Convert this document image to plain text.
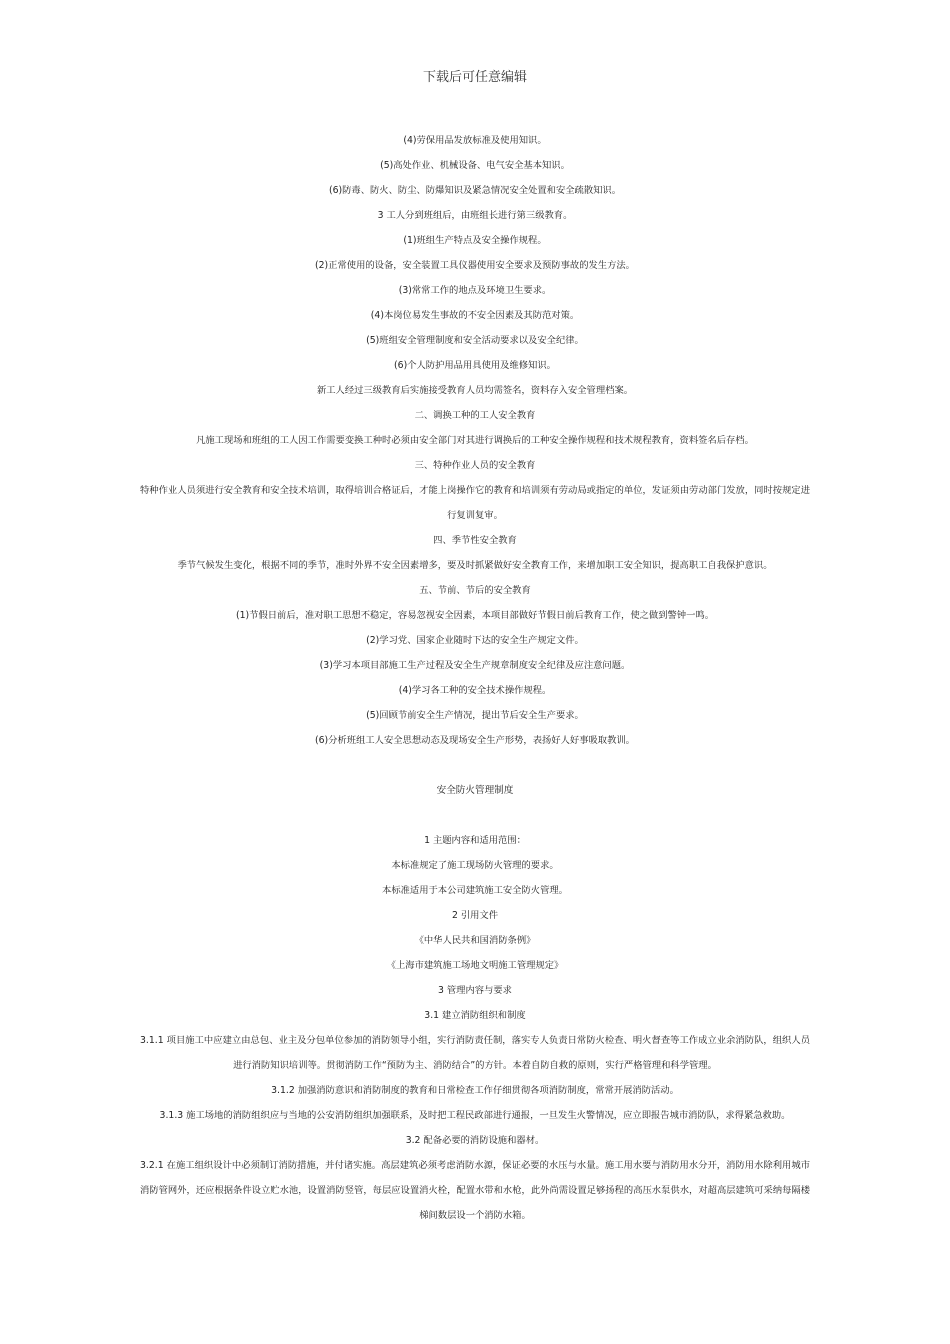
下载后可任意编辑

(4)劳保用品发放标准及使用知识。

(5)高处作业、机械设备、电气安全基本知识。

(6)防毒、防火、防尘、防爆知识及紧急情况安全处置和安全疏散知识。

3 工人分到班组后，由班组长进行第三级教育。

(1)班组生产特点及安全操作规程。

(2)正常使用的设备，安全装置工具仪器使用安全要求及预防事故的发生方法。

(3)常常工作的地点及环境卫生要求。

(4)本岗位易发生事故的不安全因素及其防范对策。

(5)班组安全管理制度和安全活动要求以及安全纪律。

(6)个人防护用品用具使用及维修知识。

新工人经过三级教育后实施接受教育人员均需签名，资料存入安全管理档案。

二、调换工种的工人安全教育

凡施工现场和班组的工人因工作需要变换工种时必须由安全部门对其进行调换后的工种安全操作规程和技术规程教育，资料签名后存档。

三、特种作业人员的安全教育

特种作业人员须进行安全教育和安全技术培训，取得培训合格证后，才能上岗操作它的教育和培训须有劳动局或指定的单位，发证须由劳动部门发放，同时按规定进行复训复审。

四、季节性安全教育

季节气候发生变化，根据不同的季节，准时外界不安全因素增多，要及时抓紧做好安全教育工作，来增加职工安全知识，提高职工自我保护意识。

五、节前、节后的安全教育

(1)节假日前后，准对职工思想不稳定，容易忽视安全因素，本项目部做好节假日前后教育工作，使之做到警钟一鸣。

(2)学习党、国家企业随时下达的安全生产规定文件。

(3)学习本项目部施工生产过程及安全生产规章制度安全纪律及应注意问题。

(4)学习各工种的安全技术操作规程。

(5)回顾节前安全生产情况，提出节后安全生产要求。

(6)分析班组工人安全思想动态及现场安全生产形势，表扬好人好事吸取教训。

安全防火管理制度

1 主题内容和适用范围：

本标准规定了施工现场防火管理的要求。

本标准适用于本公司建筑施工安全防火管理。

2 引用文件

《中华人民共和国消防条例》

《上海市建筑施工场地文明施工管理规定》

3 管理内容与要求

3.1 建立消防组织和制度

3.1.1 项目施工中应建立由总包、业主及分包单位参加的消防领导小组，实行消防责任制，落实专人负责日常防火检查、明火督查等工作成立业余消防队，组织人员进行消防知识培训等。贯彻消防工作“预防为主、消防结合”的方针。本着自防自救的原则，实行严格管理和科学管理。

3.1.2 加强消防意识和消防制度的教育和日常检查工作仔细贯彻各项消防制度，常常开展消防活动。

3.1.3 施工场地的消防组织应与当地的公安消防组织加强联系，及时把工程民政部进行通报，一旦发生火警情况，应立即报告城市消防队，求得紧急救助。

3.2 配备必要的消防设施和器材。

3.2.1 在施工组织设计中必须制订消防措施，并付诸实施。高层建筑必须考虑消防水源，保证必要的水压与水量。施工用水要与消防用水分开，消防用水除利用城市消防管网外，还应根据条件设立贮水池，设置消防竖管，每层应设置消火栓，配置水带和水枪，此外尚需设置足够扬程的高压水泵供水，对超高层建筑可采纳每隔楼梯间数层设一个消防水箱。
